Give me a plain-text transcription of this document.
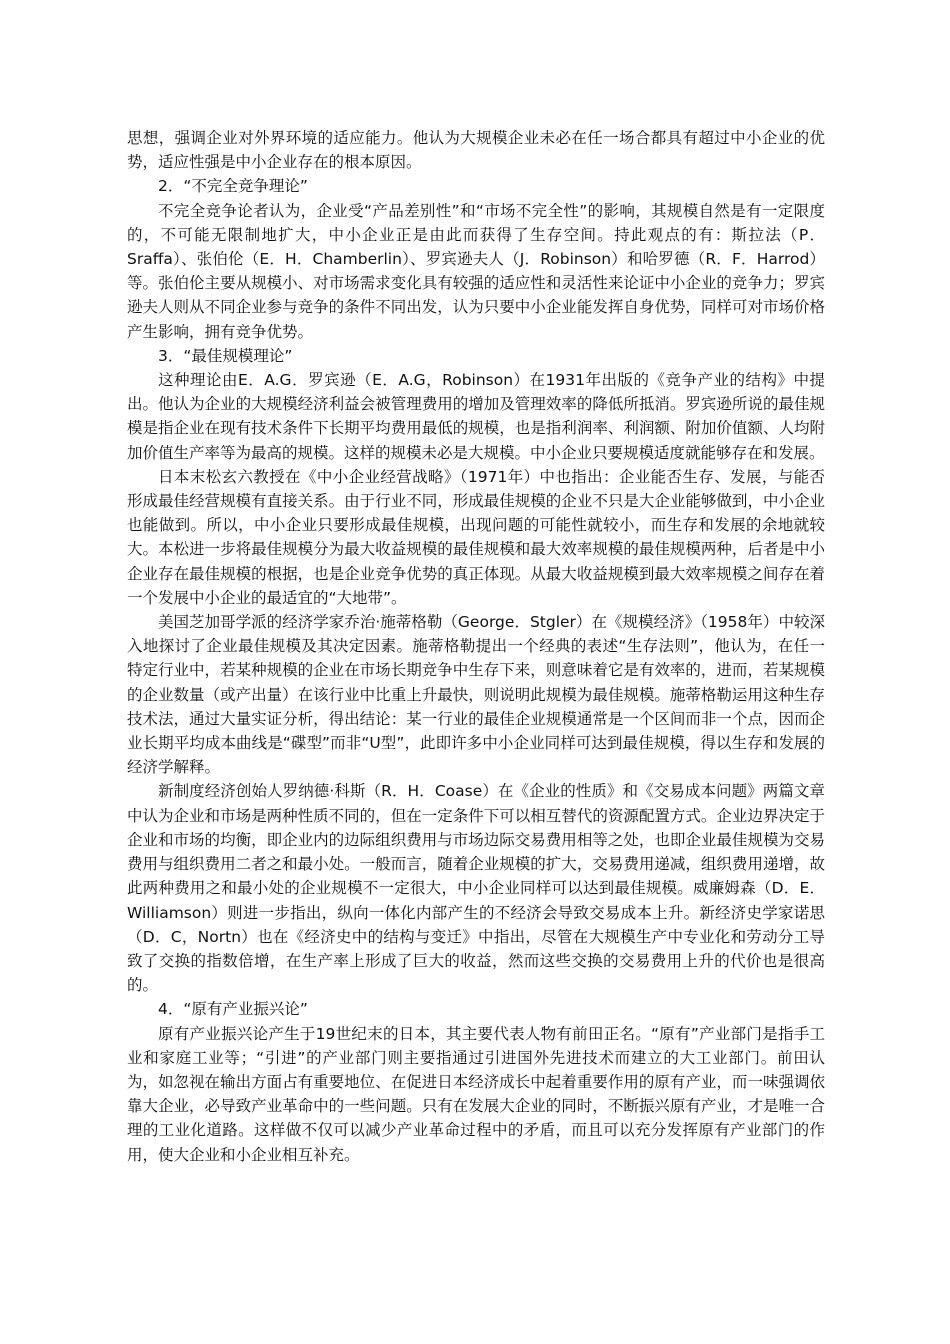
思想，强调企业对外界环境的适应能力。他认为大规模企业未必在任一场合都具有超过中小企业的优势，适应性强是中小企业存在的根本原因。

2．“不完全竞争理论”

不完全竞争论者认为，企业受“产品差别性”和“市场不完全性”的影响，其规模自然是有一定限度的，不可能无限制地扩大，中小企业正是由此而获得了生存空间。持此观点的有：斯拉法（P．Sraffa）、张伯伦（E．H．Chamberlin）、罗宾逊夫人（J．Robinson）和哈罗德（R．F．Harrod）等。张伯伦主要从规模小、对市场需求变化具有较强的适应性和灵活性来论证中小企业的竞争力；罗宾逊夫人则从不同企业参与竞争的条件不同出发，认为只要中小企业能发挥自身优势，同样可对市场价格产生影响，拥有竞争优势。

3．“最佳规模理论”

这种理论由E．A.G．罗宾逊（E．A.G，Robinson）在1931年出版的《竞争产业的结构》中提出。他认为企业的大规模经济利益会被管理费用的增加及管理效率的降低所抵消。罗宾逊所说的最佳规模是指企业在现有技术条件下长期平均费用最低的规模，也是指利润率、利润额、附加价值额、人均附加价值生产率等为最高的规模。这样的规模未必是大规模。中小企业只要规模适度就能够存在和发展。

日本末松玄六教授在《中小企业经营战略》（1971年）中也指出：企业能否生存、发展，与能否形成最佳经营规模有直接关系。由于行业不同，形成最佳规模的企业不只是大企业能够做到，中小企业也能做到。所以，中小企业只要形成最佳规模，出现问题的可能性就较小，而生存和发展的余地就较大。本松进一步将最佳规模分为最大收益规模的最佳规模和最大效率规模的最佳规模两种，后者是中小企业存在最佳规模的根据，也是企业竞争优势的真正体现。从最大收益规模到最大效率规模之间存在着一个发展中小企业的最适宜的“大地带”。

美国芝加哥学派的经济学家乔治·施蒂格勒（George．Stgler）在《规模经济》（1958年）中较深入地探讨了企业最佳规模及其决定因素。施蒂格勒提出一个经典的表述“生存法则”，他认为，在任一特定行业中，若某种规模的企业在市场长期竞争中生存下来，则意味着它是有效率的，进而，若某规模的企业数量（或产出量）在该行业中比重上升最快，则说明此规模为最佳规模。施蒂格勒运用这种生存技术法，通过大量实证分析，得出结论：某一行业的最佳企业规模通常是一个区间而非一个点，因而企业长期平均成本曲线是“碟型”而非“U型”，此即许多中小企业同样可达到最佳规模，得以生存和发展的经济学解释。

新制度经济创始人罗纳德·科斯（R．H．Coase）在《企业的性质》和《交易成本问题》两篇文章中认为企业和市场是两种性质不同的，但在一定条件下可以相互替代的资源配置方式。企业边界决定于企业和市场的均衡，即企业内的边际组织费用与市场边际交易费用相等之处，也即企业最佳规模为交易费用与组织费用二者之和最小处。一般而言，随着企业规模的扩大，交易费用递减，组织费用递增，故此两种费用之和最小处的企业规模不一定很大，中小企业同样可以达到最佳规模。威廉姆森（D．E．Williamson）则进一步指出，纵向一体化内部产生的不经济会导致交易成本上升。新经济史学家诺思（D．C，Nortn）也在《经济史中的结构与变迁》中指出，尽管在大规模生产中专业化和劳动分工导致了交换的指数倍增，在生产率上形成了巨大的收益，然而这些交换的交易费用上升的代价也是很高的。

4．“原有产业振兴论”

原有产业振兴论产生于19世纪末的日本，其主要代表人物有前田正名。“原有”产业部门是指手工业和家庭工业等；“引进”的产业部门则主要指通过引进国外先进技术而建立的大工业部门。前田认为，如忽视在输出方面占有重要地位、在促进日本经济成长中起着重要作用的原有产业，而一味强调依靠大企业，必导致产业革命中的一些问题。只有在发展大企业的同时，不断振兴原有产业，才是唯一合理的工业化道路。这样做不仅可以减少产业革命过程中的矛盾，而且可以充分发挥原有产业部门的作用，使大企业和小企业相互补充。
